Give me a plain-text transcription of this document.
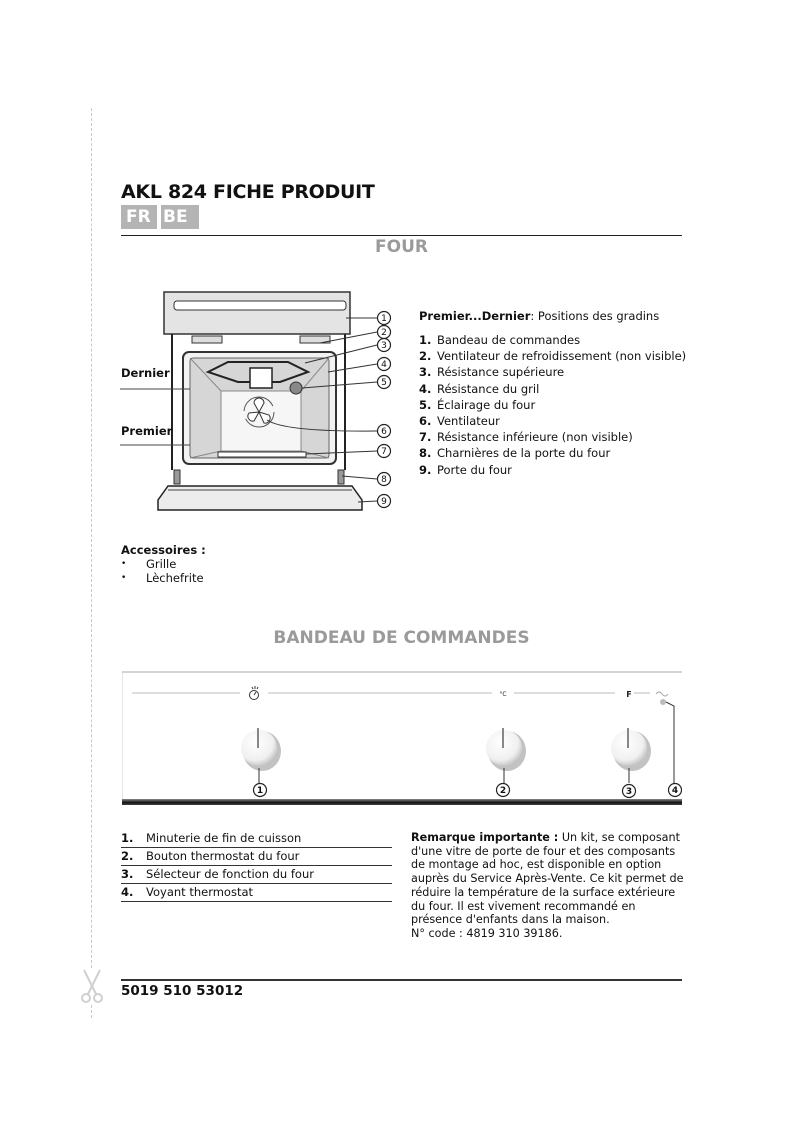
AKL 824 FICHE PRODUIT
FR BE
FOUR
1
2
3
4
5
6
7
8
9
Dernier
Premier
Premier...Dernier: Positions des gradins
1. Bandeau de commandes
2. Ventilateur de refroidissement (non visible)
3. Résistance supérieure
4. Résistance du gril
5. Éclairage du four
6. Ventilateur
7. Résistance inférieure (non visible)
8. Charnières de la porte du four
9. Porte du four
Accessoires :
•	Grille
•	Lèchefrite
BANDEAU DE COMMANDES
°C	F
1	2	3	4
1.	Minuterie de fin de cuisson
2.	Bouton thermostat du four
3.	Sélecteur de fonction du four
4.	Voyant thermostat
Remarque importante : Un kit, se composant d'une vitre de porte de four et des composants de montage ad hoc, est disponible en option auprès du Service Après-Vente. Ce kit permet de réduire la température de la surface extérieure du four. Il est vivement recommandé en présence d'enfants dans la maison.
N° code : 4819 310 39186.
5019 510 53012
